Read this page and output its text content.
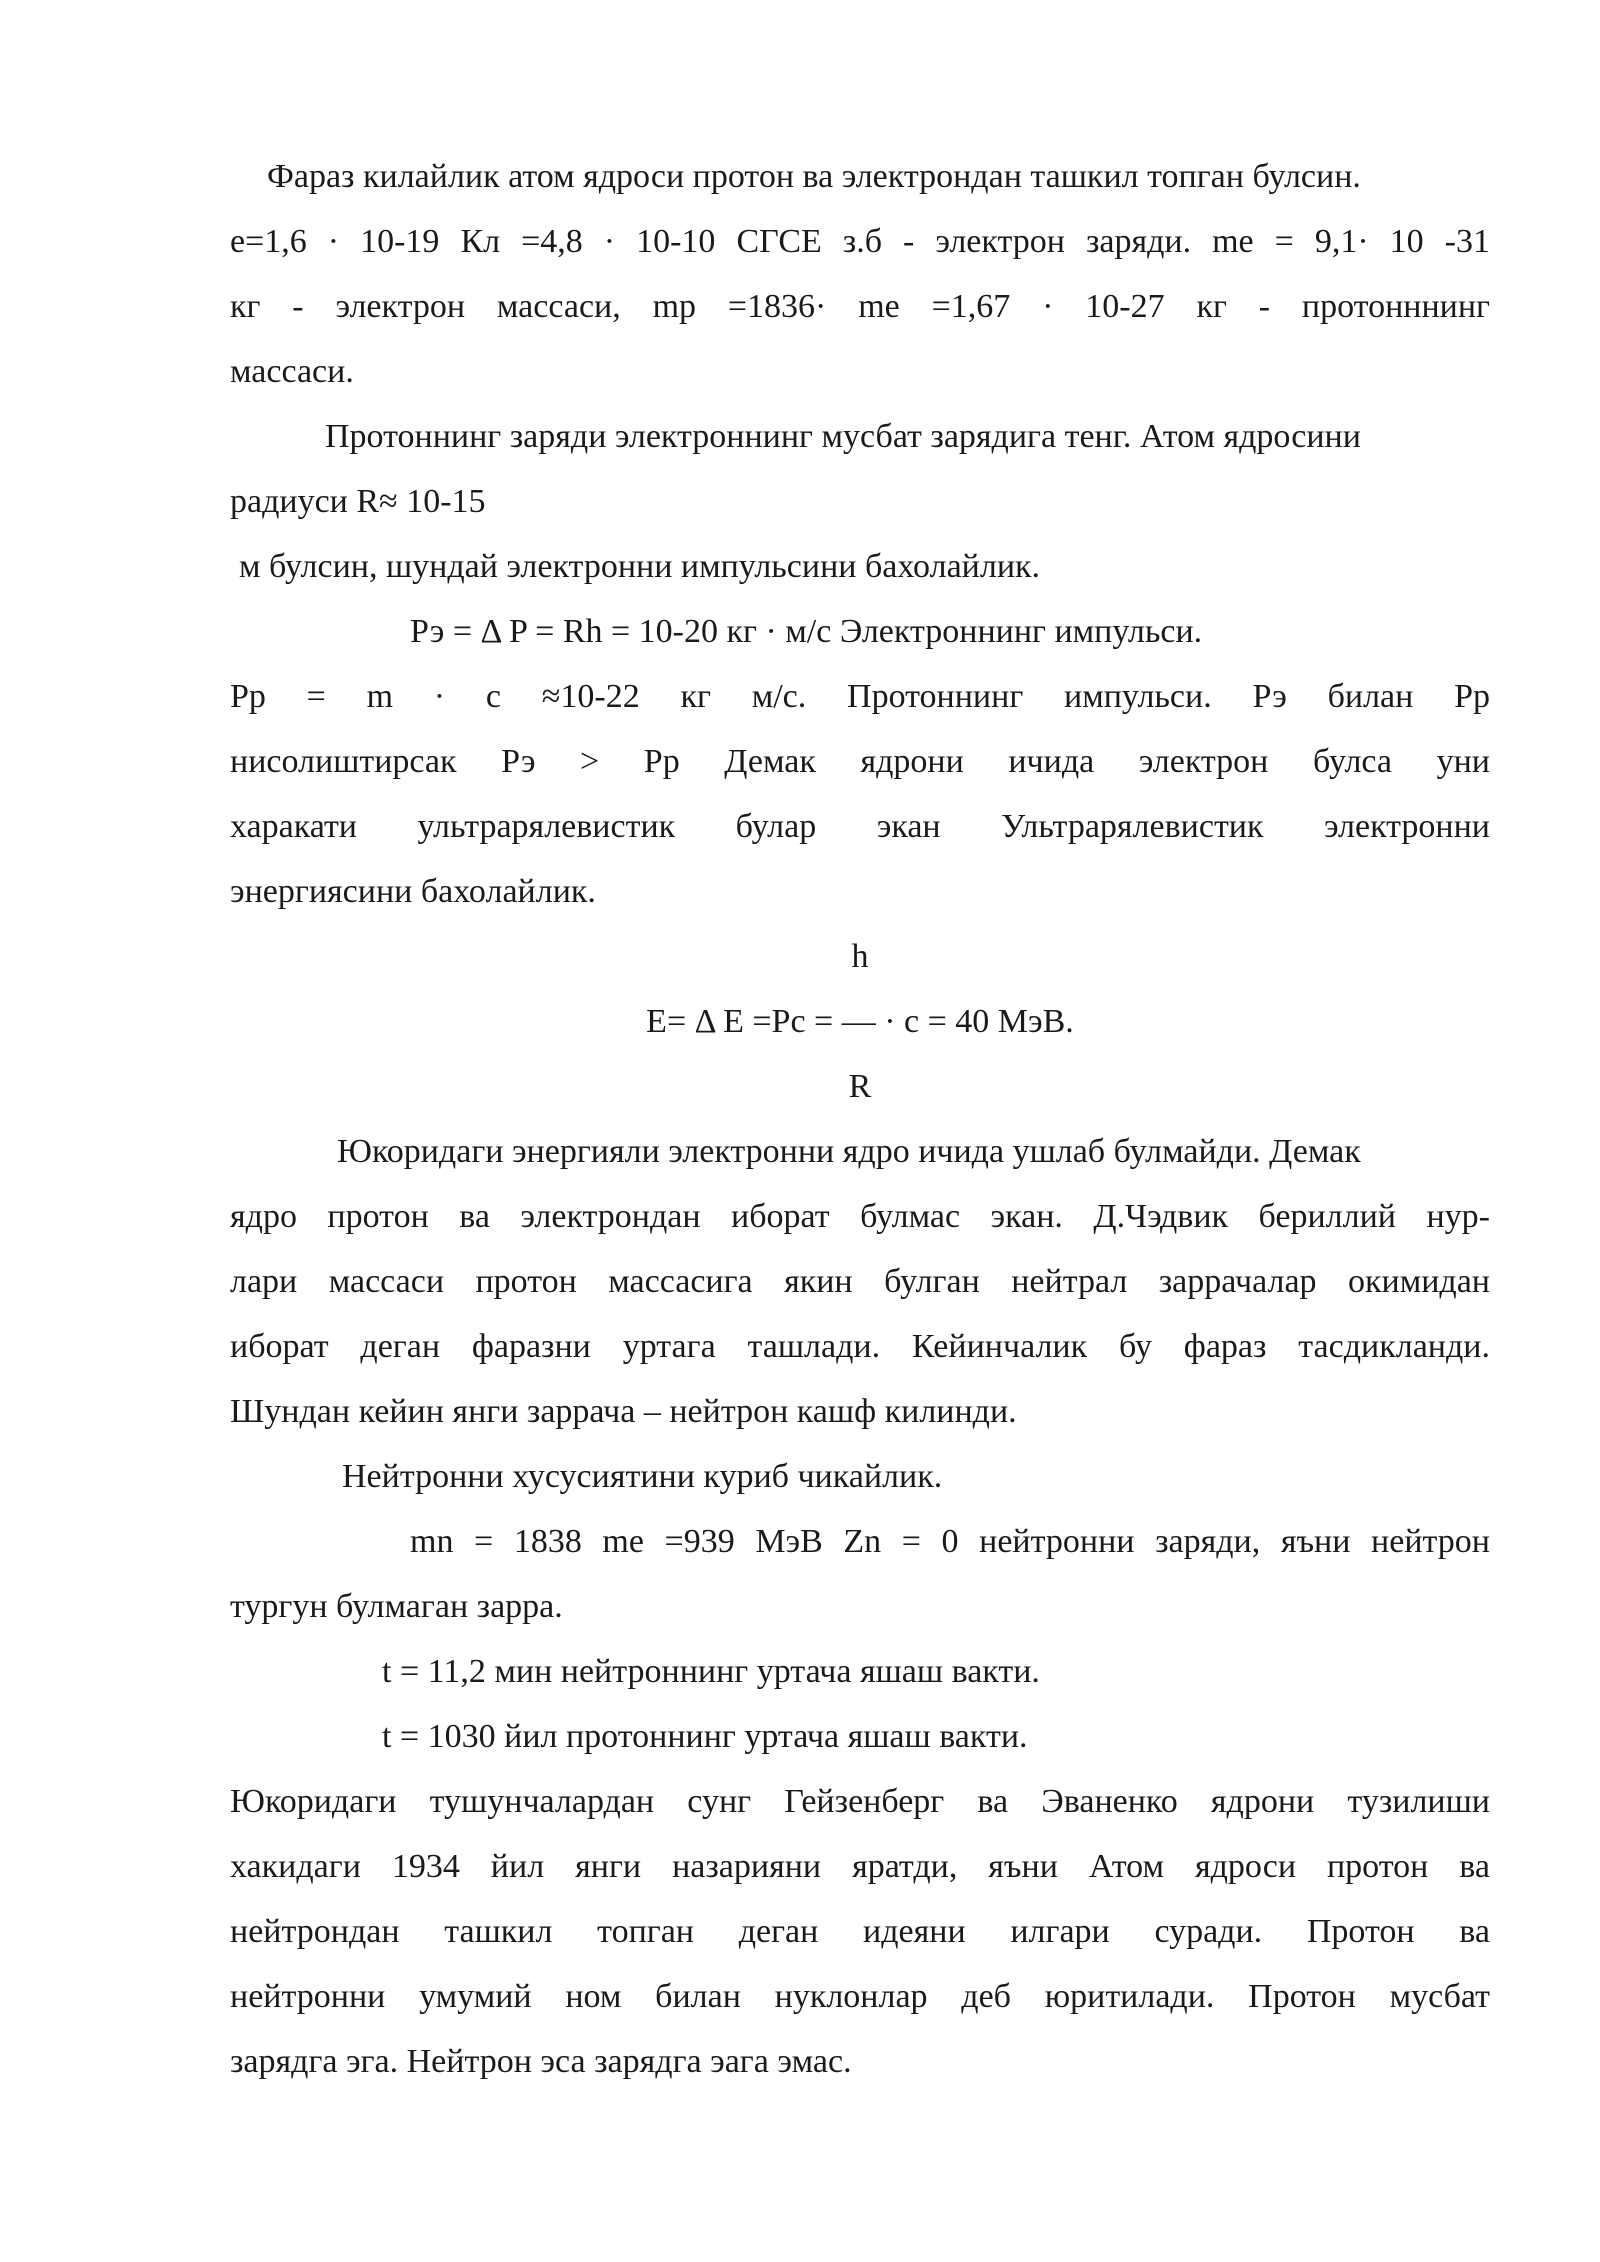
Фараз килайлик атом ядроси протон ва электрондан ташкил топган булсин.
e=1,6 · 10-19 Кл =4,8 · 10-10 СГСЕ з.б - электрон заряди. me = 9,1· 10 -31
кг - электрон массаси, mp =1836· me =1,67 · 10-27 кг - протонннинг
массаси.
Протоннинг заряди электроннинг мусбат зарядига тенг. Атом ядросини
радиуси R≈ 10-15
м булсин, шундай электронни импульсини бахолайлик.
Рэ = Δ P = Rh = 10-20 кг · м/с Электроннинг импульси.
Pp = m · c ≈10-22 кг м/с. Протоннинг импульси. Рэ билан Рр
нисолиштирсак Рэ > Рр Демак ядрони ичида электрон булса уни
харакати ультрарялевистик булар экан Ультрарялевистик электронни
энергиясини бахолайлик.
h
E= Δ E =Pc = — · c = 40 МэВ.
R
Юкоридаги энергияли электронни ядро ичида ушлаб булмайди. Демак
ядро протон ва электрондан иборат булмас экан. Д.Чэдвик бериллий нур-
лари массаси протон массасига якин булган нейтрал заррачалар окимидан
иборат деган фаразни уртага ташлади. Кейинчалик бу фараз тасдикланди.
Шундан кейин янги заррача – нейтрон кашф килинди.
Нейтронни хусусиятини куриб чикайлик.
mn = 1838 me =939 МэВ Zn = 0 нейтронни заряди, яъни нейтрон
тургун булмаган зарра.
t = 11,2 мин нейтроннинг уртача яшаш вакти.
t = 1030 йил протоннинг уртача яшаш вакти.
Юкоридаги тушунчалардан сунг Гейзенберг ва Эваненко ядрони тузилиши
хакидаги 1934 йил янги назарияни яратди, яъни Атом ядроси протон ва
нейтрондан ташкил топган деган идеяни илгари суради. Протон ва
нейтронни умумий ном билан нуклонлар деб юритилади. Протон мусбат
зарядга эга. Нейтрон эса зарядга эага эмас.
